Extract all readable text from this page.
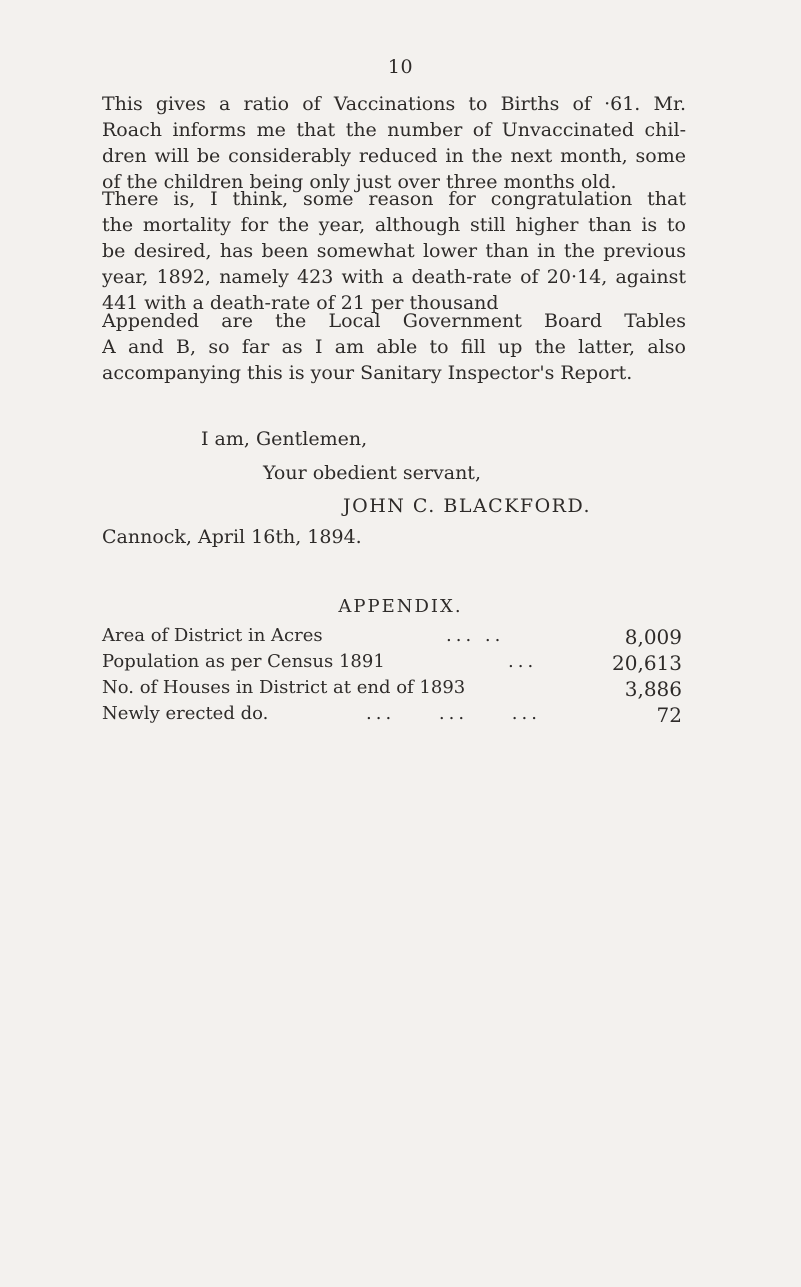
10
This gives a ratio of Vaccinations to Births of ·61. Mr.
Roach informs me that the number of Unvaccinated chil-
dren will be considerably reduced in the next month, some
of the children being only just over three months old.
There is, I think, some reason for congratulation that
the mortality for the year, although still higher than is to
be desired, has been somewhat lower than in the previous
year, 1892, namely 423 with a death-rate of 20·14, against
441 with a death-rate of 21 per thousand
Appended are the Local Government Board Tables
A and B, so far as I am able to fill up the latter, also
accompanying this is your Sanitary Inspector's Report.
I am, Gentlemen,
Your obedient servant,
JOHN C. BLACKFORD.
Cannock, April 16th, 1894.
APPENDIX.
Area of District in Acres	... ..	8,009
Population as per Census 1891	...	20,613
No. of Houses in District at end of 1893	3,886
Newly erected do.	... ... ...	72
